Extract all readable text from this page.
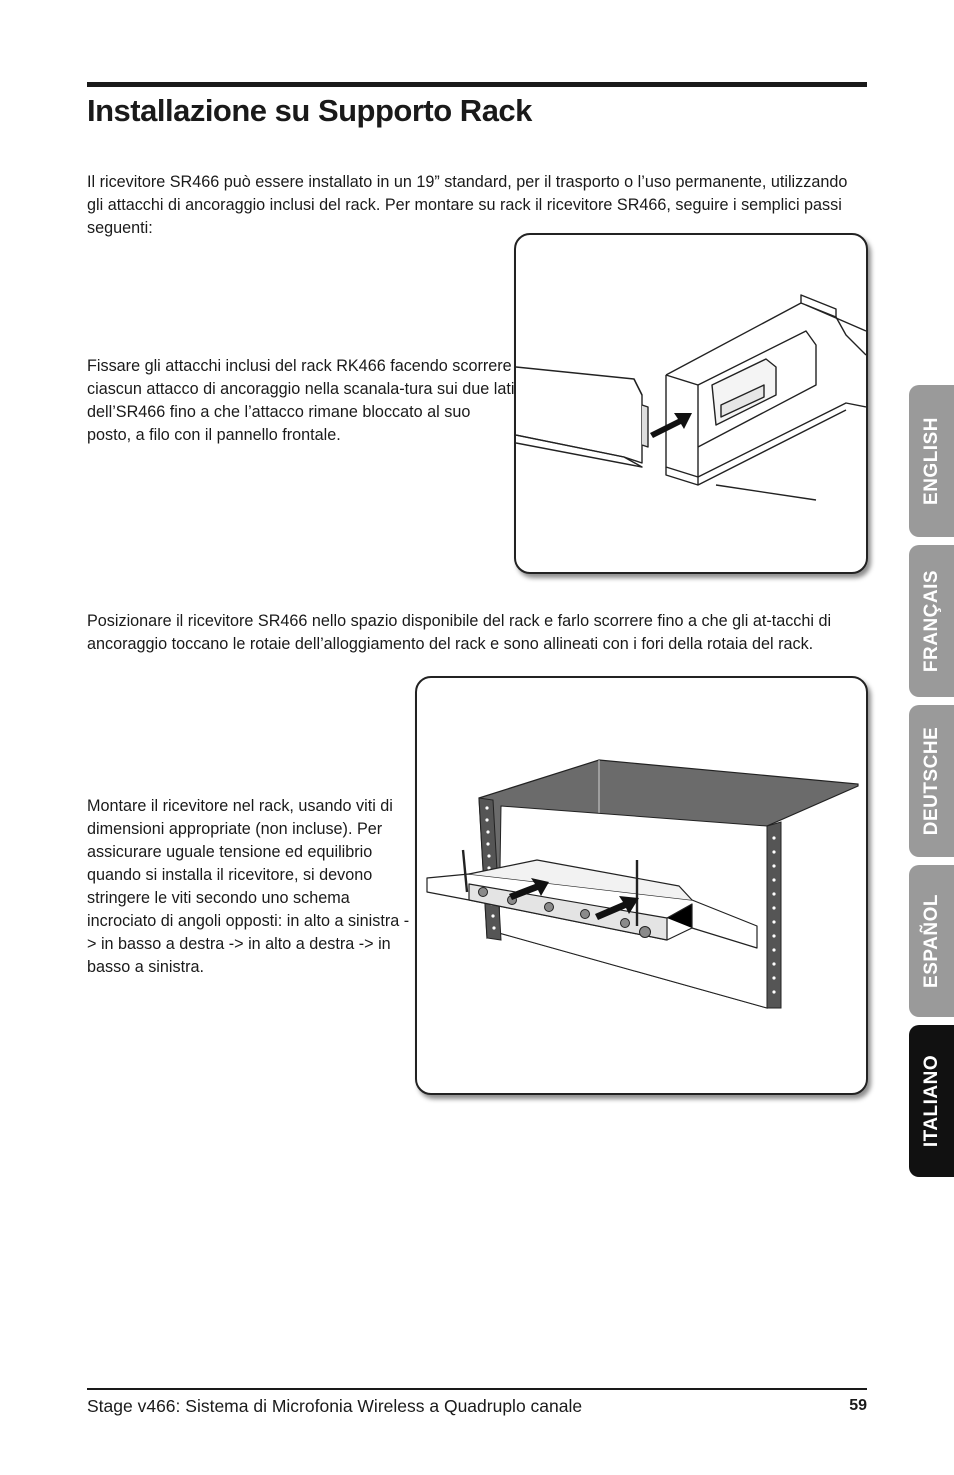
Installazione su Supporto Rack

Il ricevitore SR466 può essere installato in un 19” standard, per il trasporto o l’uso permanente, utilizzando gli attacchi di ancoraggio inclusi del rack. Per montare su rack il ricevitore SR466, seguire i semplici passi seguenti:

Fissare gli attacchi inclusi del rack RK466 facendo scorrere ciascun attacco di ancoraggio nella scanala-tura sui due lati dell’SR466 fino a che l’attacco rimane bloccato al suo posto, a filo con il pannello frontale.

Posizionare il ricevitore SR466 nello spazio disponibile del rack e farlo scorrere fino a che gli at-tacchi di ancoraggio toccano le rotaie dell’alloggiamento del rack e sono allineati con i fori della rotaia del rack.

Montare il ricevitore nel rack, usando viti di dimensioni appropriate (non incluse). Per assicurare uguale tensione ed equilibrio quando si installa il ricevitore, si devono stringere le viti secondo uno schema incrociato di angoli opposti: in alto a sinistra -> in basso a destra -> in alto a destra -> in basso a sinistra.

ENGLISH
FRANÇAIS
DEUTSCHE
ESPAÑOL
ITALIANO
Stage v466: Sistema di Microfonia Wireless a Quadruplo canale	59
